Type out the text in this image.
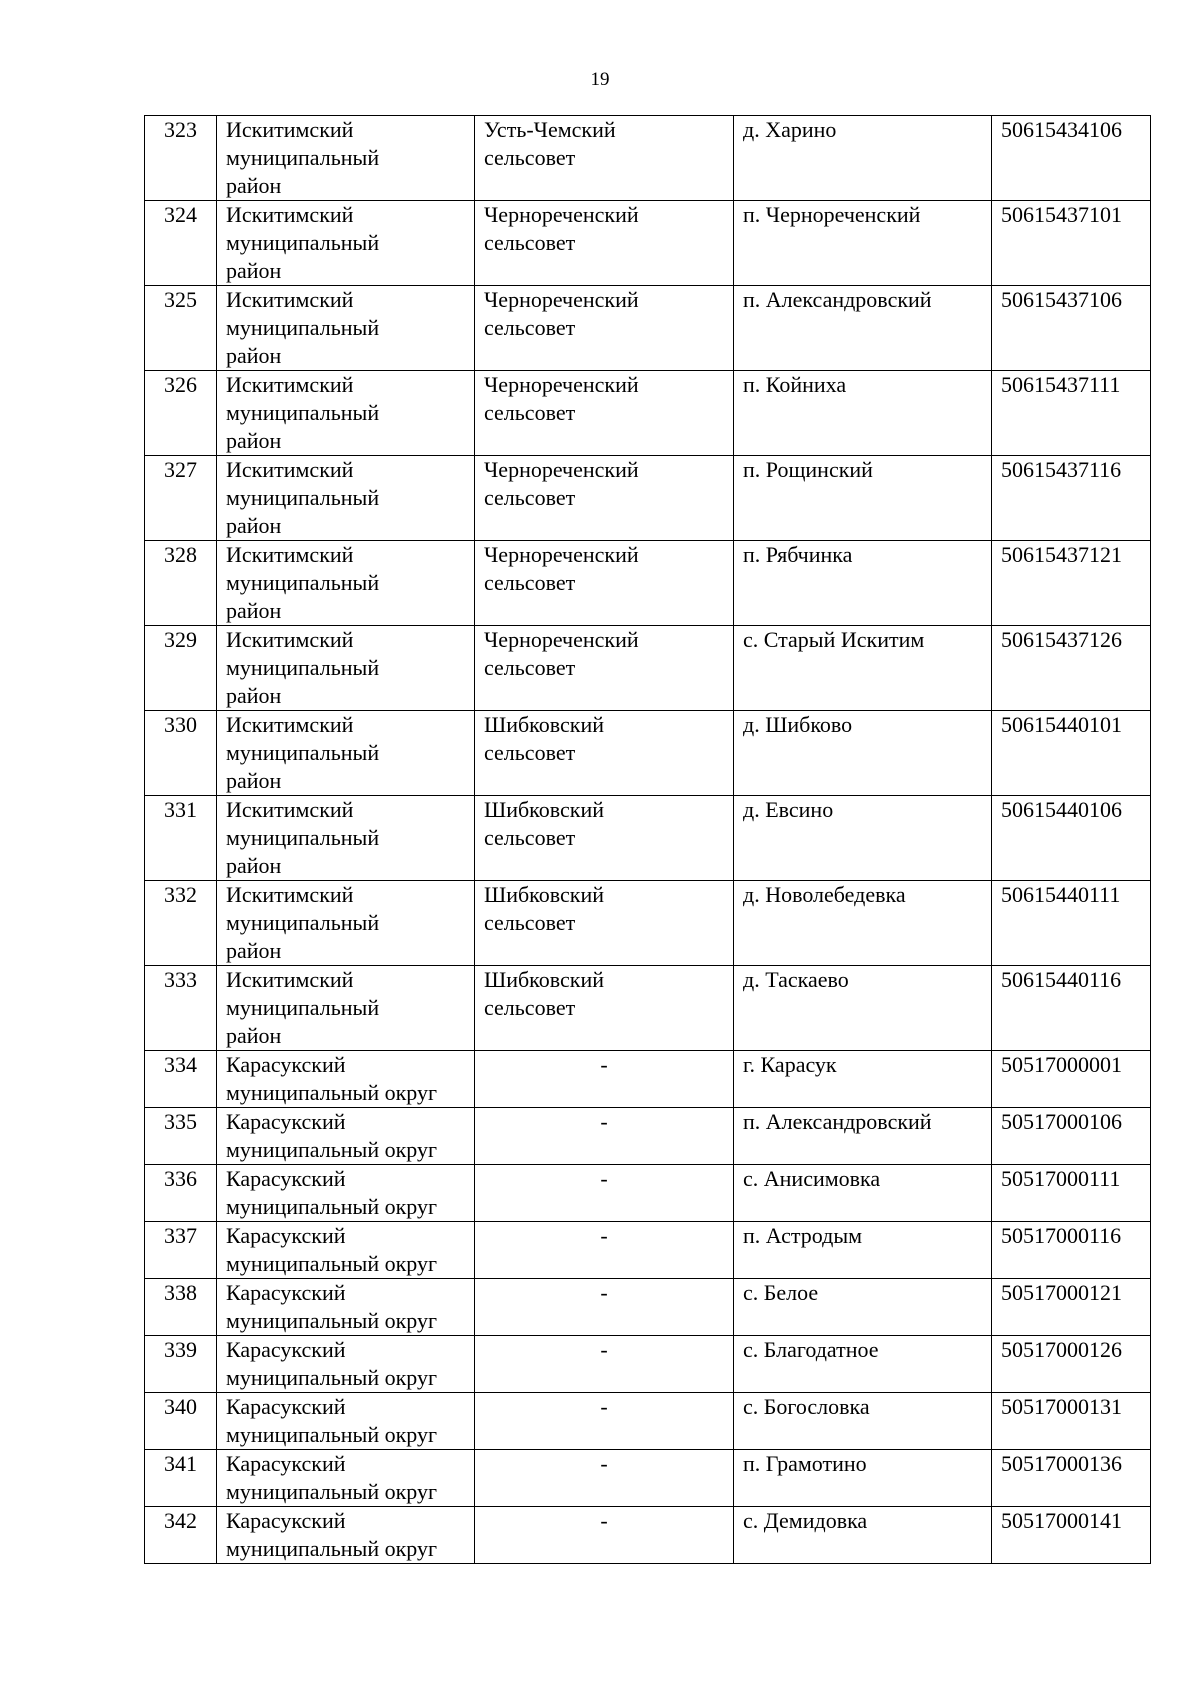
19
323	Искитимский
муниципальный
район	Усть-Чемский
сельсовет	д. Харино	50615434106
324	Искитимский
муниципальный
район	Чернореченский
сельсовет	п. Чернореченский	50615437101
325	Искитимский
муниципальный
район	Чернореченский
сельсовет	п. Александровский	50615437106
326	Искитимский
муниципальный
район	Чернореченский
сельсовет	п. Койниха	50615437111
327	Искитимский
муниципальный
район	Чернореченский
сельсовет	п. Рощинский	50615437116
328	Искитимский
муниципальный
район	Чернореченский
сельсовет	п. Рябчинка	50615437121
329	Искитимский
муниципальный
район	Чернореченский
сельсовет	с. Старый Искитим	50615437126
330	Искитимский
муниципальный
район	Шибковский
сельсовет	д. Шибково	50615440101
331	Искитимский
муниципальный
район	Шибковский
сельсовет	д. Евсино	50615440106
332	Искитимский
муниципальный
район	Шибковский
сельсовет	д. Новолебедевка	50615440111
333	Искитимский
муниципальный
район	Шибковский
сельсовет	д. Таскаево	50615440116
334	Карасукский
муниципальный округ	-	г. Карасук	50517000001
335	Карасукский
муниципальный округ	-	п. Александровский	50517000106
336	Карасукский
муниципальный округ	-	с. Анисимовка	50517000111
337	Карасукский
муниципальный округ	-	п. Астродым	50517000116
338	Карасукский
муниципальный округ	-	с. Белое	50517000121
339	Карасукский
муниципальный округ	-	с. Благодатное	50517000126
340	Карасукский
муниципальный округ	-	с. Богословка	50517000131
341	Карасукский
муниципальный округ	-	п. Грамотино	50517000136
342	Карасукский
муниципальный округ	-	с. Демидовка	50517000141
